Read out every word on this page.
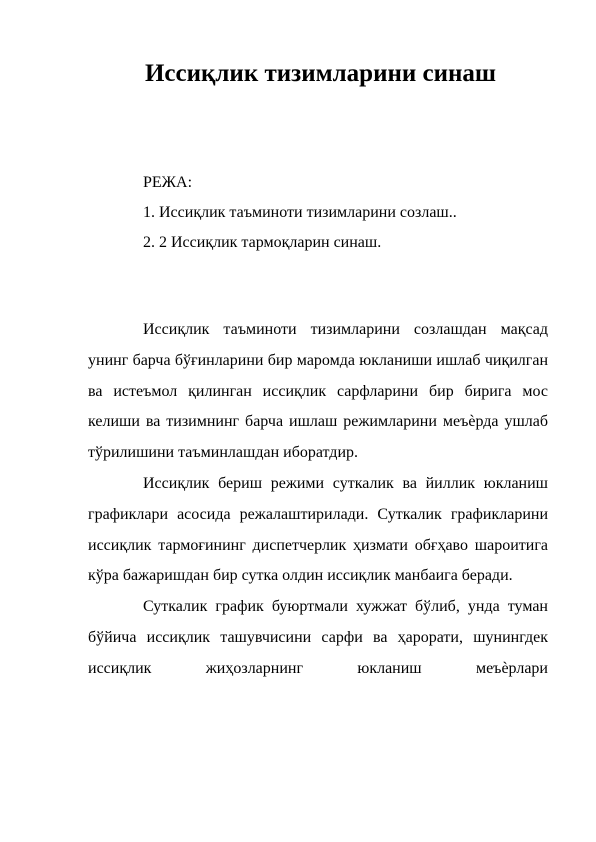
Иссиқлик тизимларини синаш
РЕЖА:
1. Иссиқлик таъминоти тизимларини созлаш..
2. 2 Иссиқлик тармоқларин синаш.

Иссиқлик таъминоти тизимларини созлашдан мақсад унинг барча бўғинларини бир маромда юкланиши ишлаб чиқилган ва истеъмол қилинган иссиқлик сарфларини бир бирига мос келиши ва тизимнинг барча ишлаш режимларини меъѐрда ушлаб тўрилишини таъминлашдан иборатдир.

Иссиқлик бериш режими суткалик ва йиллик юкланиш графиклари асосида режалаштирилади. Суткалик графикларини иссиқлик тармоғининг диспетчерлик ҳизмати обғҳаво шароитига кўра бажаришдан бир сутка олдин иссиқлик манбаига беради.

Суткалик график буюртмали хужжат бўлиб, унда туман бўйича иссиқлик ташувчисини сарфи ва ҳарорати, шунингдек иссиқлик жиҳозларнинг юкланиш меъѐрлари
